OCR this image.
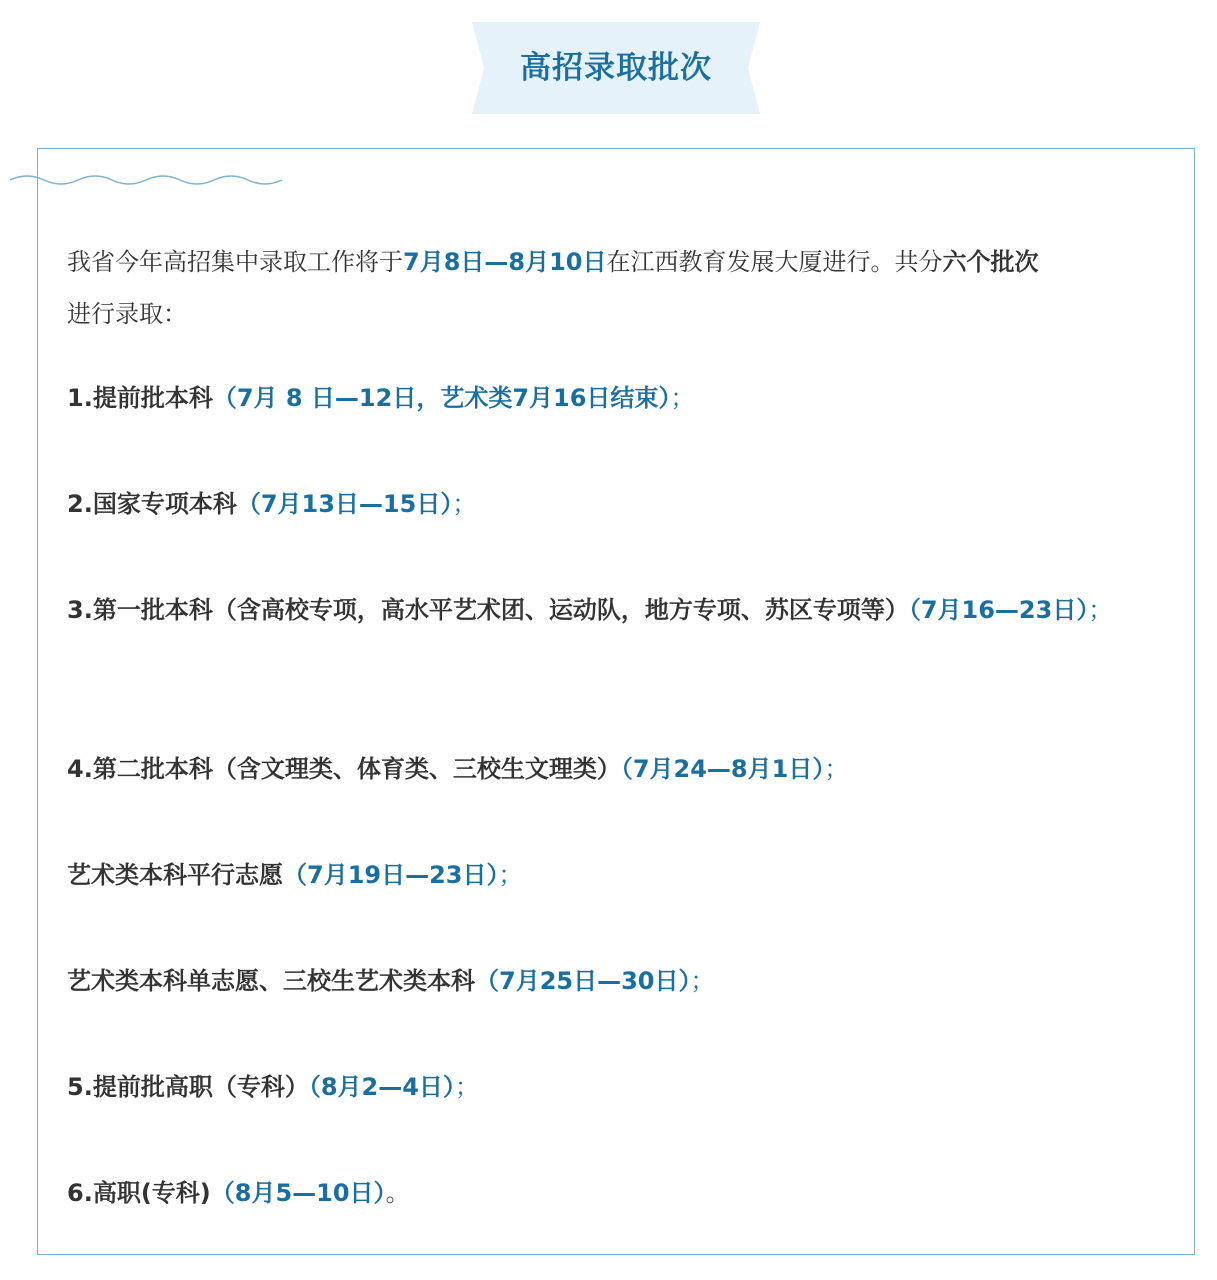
高招录取批次
我省今年高招集中录取工作将于7月8日—8月10日在江西教育发展大厦进行。共分六个批次
进行录取：
1.提前批本科（7月 8 日—12日，艺术类7月16日结束）；
2.国家专项本科（7月13日—15日）；
3.第一批本科（含高校专项，高水平艺术团、运动队，地方专项、苏区专项等）（7月16—23日）；
4.第二批本科（含文理类、体育类、三校生文理类）（7月24—8月1日）；
艺术类本科平行志愿（7月19日—23日）；
艺术类本科单志愿、三校生艺术类本科（7月25日—30日）；
5.提前批高职（专科）（8月2—4日）；
6.高职(专科)（8月5—10日）。
